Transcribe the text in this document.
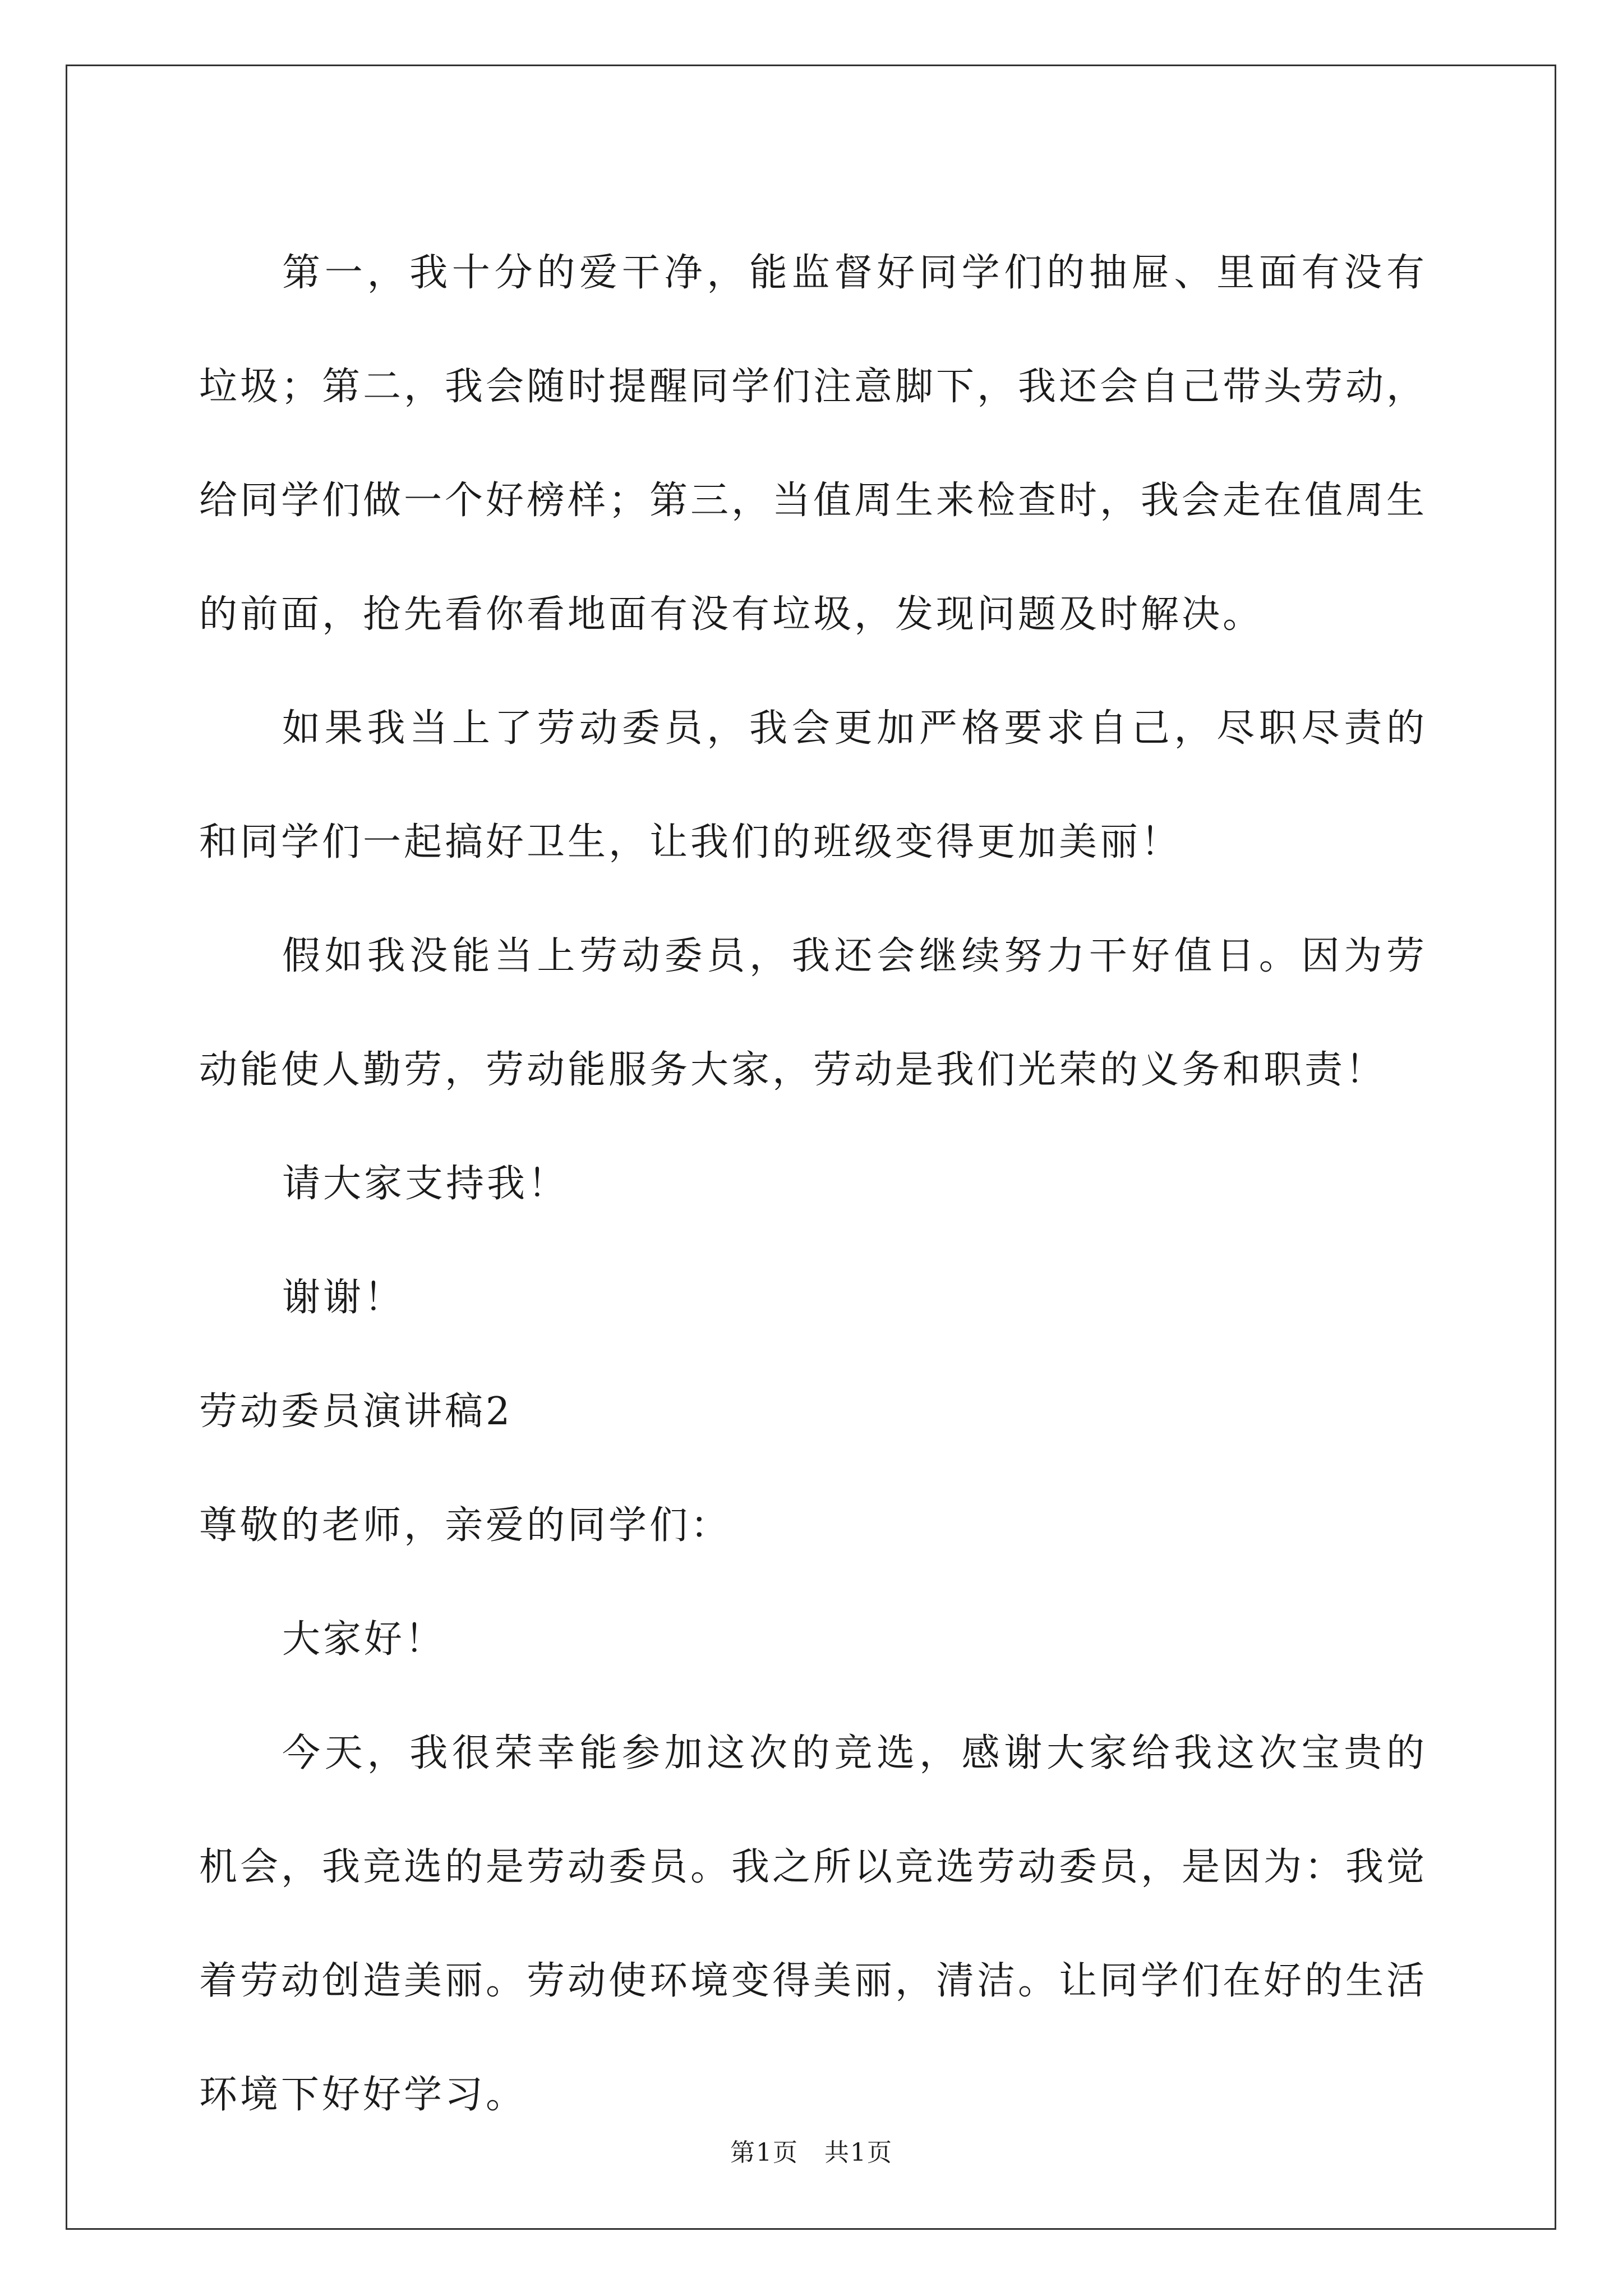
第一，我十分的爱干净，能监督好同学们的抽屉、里面有没有垃圾；第二，我会随时提醒同学们注意脚下，我还会自己带头劳动，给同学们做一个好榜样；第三，当值周生来检查时，我会走在值周生的前面，抢先看你看地面有没有垃圾，发现问题及时解决。

如果我当上了劳动委员，我会更加严格要求自己，尽职尽责的和同学们一起搞好卫生，让我们的班级变得更加美丽！

假如我没能当上劳动委员，我还会继续努力干好值日。因为劳动能使人勤劳，劳动能服务大家，劳动是我们光荣的义务和职责！

请大家支持我！

谢谢！

劳动委员演讲稿2

尊敬的老师，亲爱的同学们：

大家好！

今天，我很荣幸能参加这次的竞选，感谢大家给我这次宝贵的机会，我竞选的是劳动委员。我之所以竞选劳动委员，是因为：我觉着劳动创造美丽。劳动使环境变得美丽，清洁。让同学们在好的生活环境下好好学习。

第1页 共1页
